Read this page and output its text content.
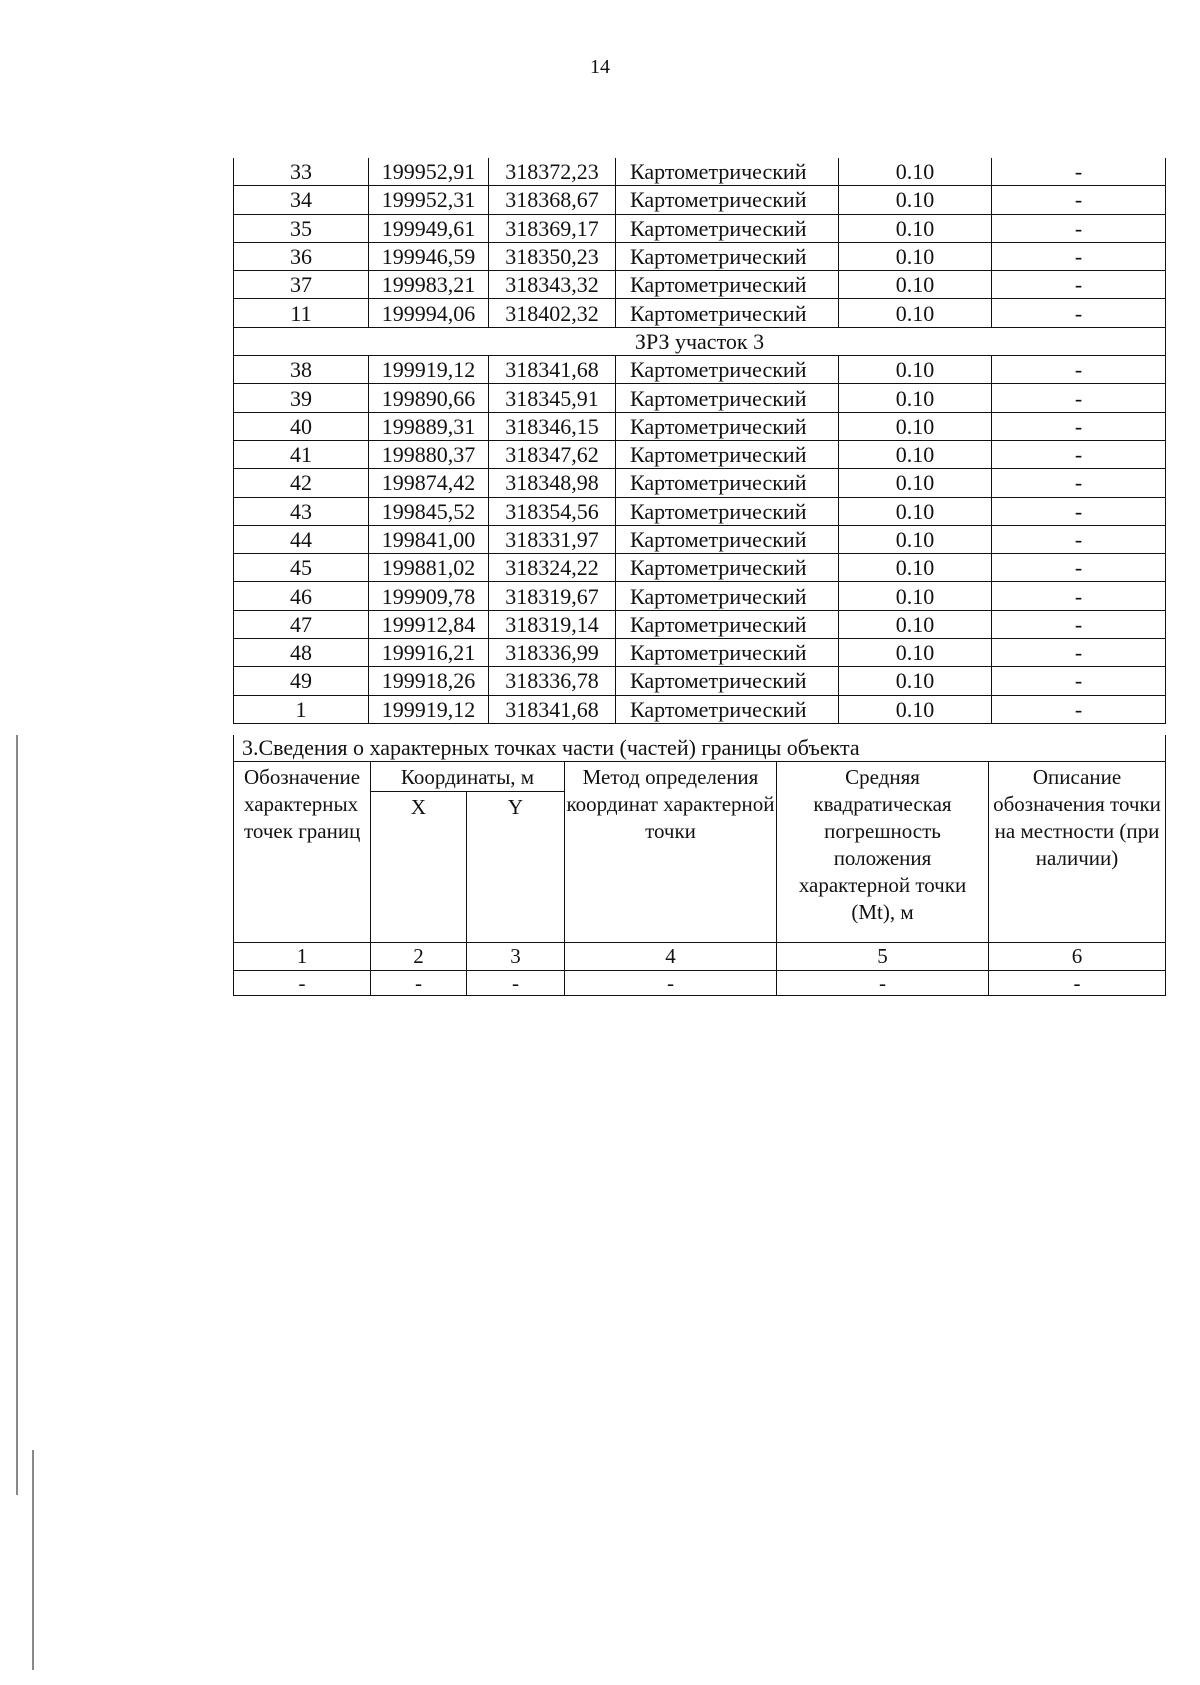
14
33	199952,91	318372,23	Картометрический	0.10	-
34	199952,31	318368,67	Картометрический	0.10	-
35	199949,61	318369,17	Картометрический	0.10	-
36	199946,59	318350,23	Картометрический	0.10	-
37	199983,21	318343,32	Картометрический	0.10	-
11	199994,06	318402,32	Картометрический	0.10	-
ЗРЗ участок 3					
38	199919,12	318341,68	Картометрический	0.10	-
39	199890,66	318345,91	Картометрический	0.10	-
40	199889,31	318346,15	Картометрический	0.10	-
41	199880,37	318347,62	Картометрический	0.10	-
42	199874,42	318348,98	Картометрический	0.10	-
43	199845,52	318354,56	Картометрический	0.10	-
44	199841,00	318331,97	Картометрический	0.10	-
45	199881,02	318324,22	Картометрический	0.10	-
46	199909,78	318319,67	Картометрический	0.10	-
47	199912,84	318319,14	Картометрический	0.10	-
48	199916,21	318336,99	Картометрический	0.10	-
49	199918,26	318336,78	Картометрический	0.10	-
1	199919,12	318341,68	Картометрический	0.10	-
3.Сведения о характерных точках части (частей) границы объекта					
Обозначение характерных точек границ	Координаты, м		Метод определения координат характерной точки	Средняя квадратическая погрешность положения характерной точки (Mt), м	Описание обозначения точки на местности (при наличии)
	X	Y			
1	2	3	4	5	6
-	-	-	-	-	-
